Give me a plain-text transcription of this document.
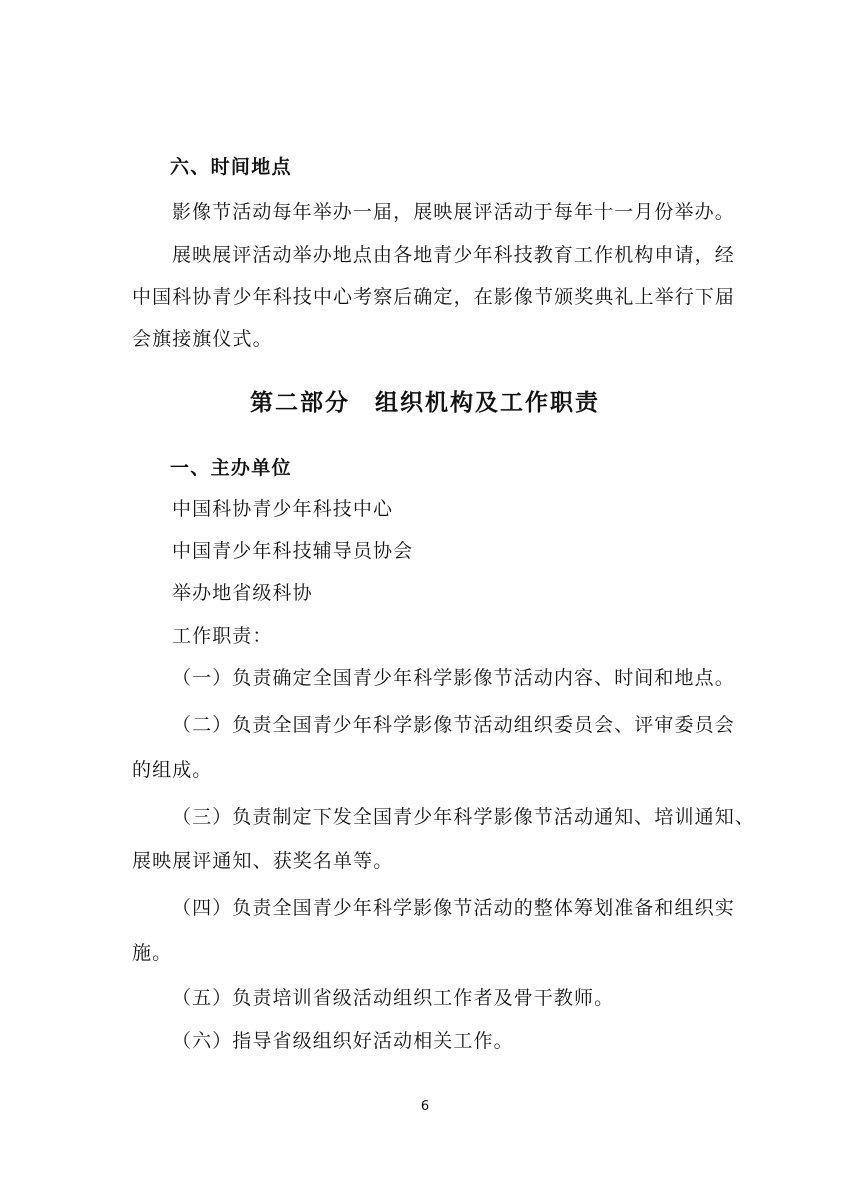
六、时间地点
影像节活动每年举办一届，展映展评活动于每年十一月份举办。
展映展评活动举办地点由各地青少年科技教育工作机构申请，经
中国科协青少年科技中心考察后确定，在影像节颁奖典礼上举行下届
会旗接旗仪式。
第二部分　组织机构及工作职责
一、主办单位
中国科协青少年科技中心
中国青少年科技辅导员协会
举办地省级科协
工作职责：
（一）负责确定全国青少年科学影像节活动内容、时间和地点。
（二）负责全国青少年科学影像节活动组织委员会、评审委员会
的组成。
（三）负责制定下发全国青少年科学影像节活动通知、培训通知、
展映展评通知、获奖名单等。
（四）负责全国青少年科学影像节活动的整体筹划准备和组织实
施。
（五）负责培训省级活动组织工作者及骨干教师。
（六）指导省级组织好活动相关工作。
6
